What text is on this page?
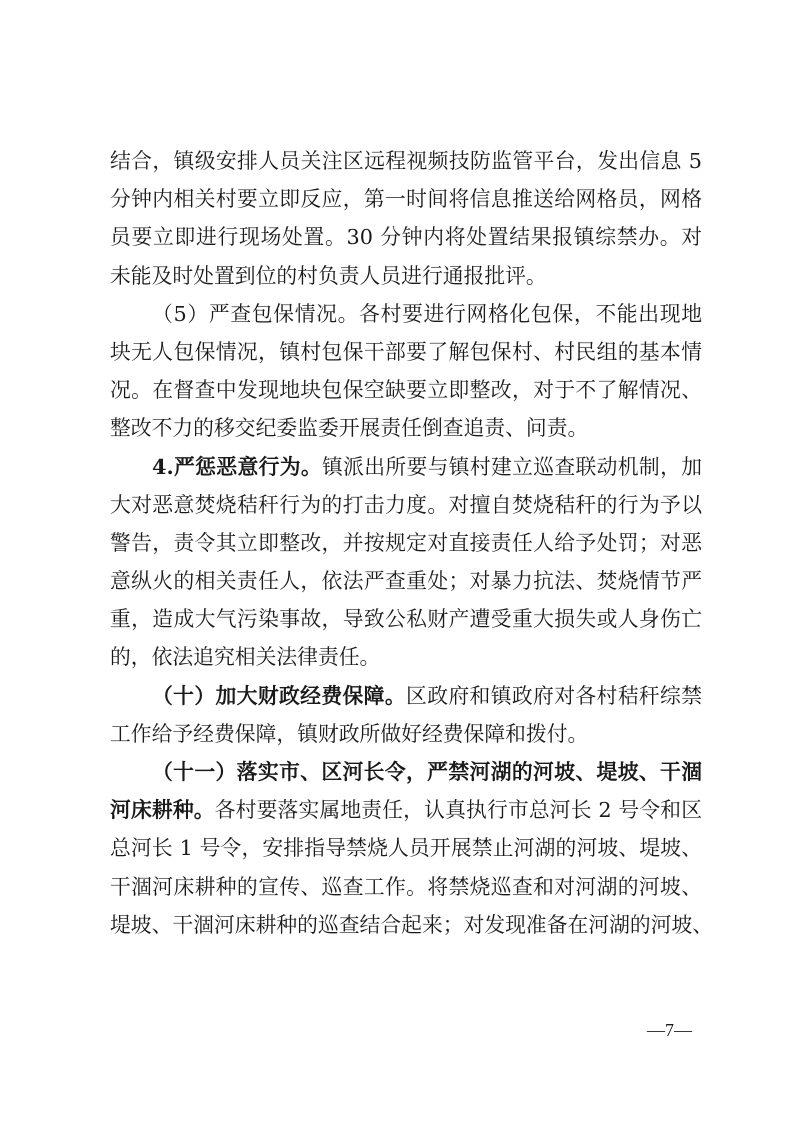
结合，镇级安排人员关注区远程视频技防监管平台，发出信息 5
分钟内相关村要立即反应，第一时间将信息推送给网格员，网格
员要立即进行现场处置。30 分钟内将处置结果报镇综禁办。对
未能及时处置到位的村负责人员进行通报批评。
（5）严查包保情况。各村要进行网格化包保，不能出现地
块无人包保情况，镇村包保干部要了解包保村、村民组的基本情
况。在督查中发现地块包保空缺要立即整改，对于不了解情况、
整改不力的移交纪委监委开展责任倒查追责、问责。
4.严惩恶意行为。镇派出所要与镇村建立巡查联动机制，加
大对恶意焚烧秸秆行为的打击力度。对擅自焚烧秸秆的行为予以
警告，责令其立即整改，并按规定对直接责任人给予处罚；对恶
意纵火的相关责任人，依法严查重处；对暴力抗法、焚烧情节严
重，造成大气污染事故，导致公私财产遭受重大损失或人身伤亡
的，依法追究相关法律责任。
（十）加大财政经费保障。区政府和镇政府对各村秸秆综禁
工作给予经费保障，镇财政所做好经费保障和拨付。
（十一）落实市、区河长令，严禁河湖的河坡、堤坡、干涸
河床耕种。各村要落实属地责任，认真执行市总河长 2 号令和区
总河长 1 号令，安排指导禁烧人员开展禁止河湖的河坡、堤坡、
干涸河床耕种的宣传、巡查工作。将禁烧巡查和对河湖的河坡、
堤坡、干涸河床耕种的巡查结合起来；对发现准备在河湖的河坡、
—7—
